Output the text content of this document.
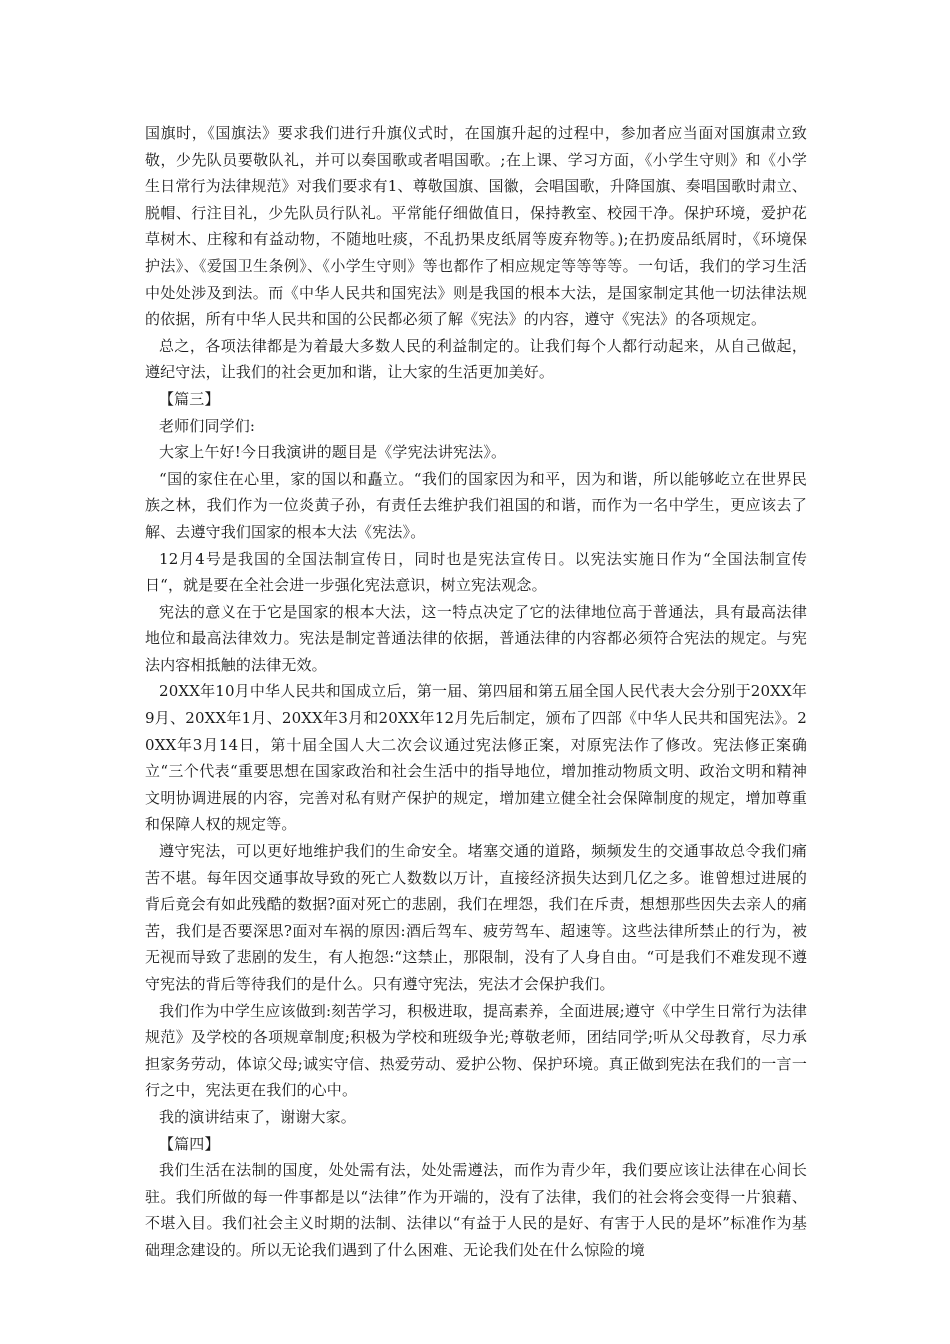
国旗时，《国旗法》要求我们进行升旗仪式时，在国旗升起的过程中，参加者应当面对国旗肃立致敬，少先队员要敬队礼，并可以奏国歌或者唱国歌。;在上课、学习方面，《小学生守则》和《小学生日常行为法律规范》对我们要求有1、尊敬国旗、国徽，会唱国歌，升降国旗、奏唱国歌时肃立、脱帽、行注目礼，少先队员行队礼。平常能仔细做值日，保持教室、校园干净。保护环境，爱护花草树木、庄稼和有益动物，不随地吐痰，不乱扔果皮纸屑等废弃物等。);在扔废品纸屑时，《环境保护法》、《爱国卫生条例》、《小学生守则》等也都作了相应规定等等等等。一句话，我们的学习生活中处处涉及到法。而《中华人民共和国宪法》则是我国的根本大法，是国家制定其他一切法律法规的依据，所有中华人民共和国的公民都必须了解《宪法》的内容，遵守《宪法》的各项规定。

总之，各项法律都是为着最大多数人民的利益制定的。让我们每个人都行动起来，从自己做起，遵纪守法，让我们的社会更加和谐，让大家的生活更加美好。

【篇三】

老师们同学们:

大家上午好!今日我演讲的题目是《学宪法讲宪法》。

“国的家住在心里，家的国以和矗立。“我们的国家因为和平，因为和谐，所以能够屹立在世界民族之林，我们作为一位炎黄子孙，有责任去维护我们祖国的和谐，而作为一名中学生，更应该去了解、去遵守我们国家的根本大法《宪法》。

12月4号是我国的全国法制宣传日，同时也是宪法宣传日。以宪法实施日作为“全国法制宣传日“，就是要在全社会进一步强化宪法意识，树立宪法观念。

宪法的意义在于它是国家的根本大法，这一特点决定了它的法律地位高于普通法，具有最高法律地位和最高法律效力。宪法是制定普通法律的依据，普通法律的内容都必须符合宪法的规定。与宪法内容相抵触的法律无效。

20XX年10月中华人民共和国成立后，第一届、第四届和第五届全国人民代表大会分别于20XX年9月、20XX年1月、20XX年3月和20XX年12月先后制定，颁布了四部《中华人民共和国宪法》。20XX年3月14日，第十届全国人大二次会议通过宪法修正案，对原宪法作了修改。宪法修正案确立“三个代表“重要思想在国家政治和社会生活中的指导地位，增加推动物质文明、政治文明和精神文明协调进展的内容，完善对私有财产保护的规定，增加建立健全社会保障制度的规定，增加尊重和保障人权的规定等。

遵守宪法，可以更好地维护我们的生命安全。堵塞交通的道路，频频发生的交通事故总令我们痛苦不堪。每年因交通事故导致的死亡人数数以万计，直接经济损失达到几亿之多。谁曾想过进展的背后竟会有如此残酷的数据?面对死亡的悲剧，我们在埋怨，我们在斥责，想想那些因失去亲人的痛苦，我们是否要深思?面对车祸的原因:酒后驾车、疲劳驾车、超速等。这些法律所禁止的行为，被无视而导致了悲剧的发生，有人抱怨:“这禁止，那限制，没有了人身自由。“可是我们不难发现不遵守宪法的背后等待我们的是什么。只有遵守宪法，宪法才会保护我们。

我们作为中学生应该做到:刻苦学习，积极进取，提高素养，全面进展;遵守《中学生日常行为法律规范》及学校的各项规章制度;积极为学校和班级争光;尊敬老师，团结同学;听从父母教育，尽力承担家务劳动，体谅父母;诚实守信、热爱劳动、爱护公物、保护环境。真正做到宪法在我们的一言一行之中，宪法更在我们的心中。

我的演讲结束了，谢谢大家。

【篇四】

我们生活在法制的国度，处处需有法，处处需遵法，而作为青少年，我们要应该让法律在心间长驻。我们所做的每一件事都是以“法律”作为开端的，没有了法律，我们的社会将会变得一片狼藉、不堪入目。我们社会主义时期的法制、法律以“有益于人民的是好、有害于人民的是坏”标准作为基础理念建设的。所以无论我们遇到了什么困难、无论我们处在什么惊险的境
